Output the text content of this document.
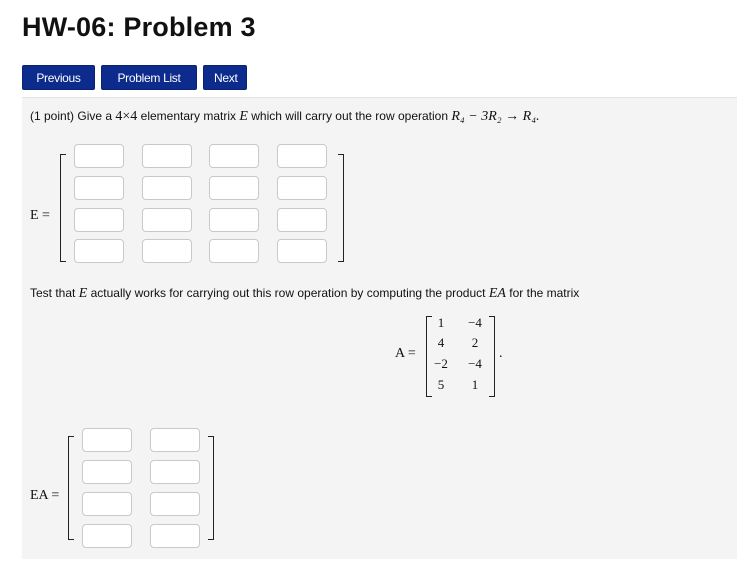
HW-06: Problem 3
Previous	Problem List	Next
(1 point) Give a 4×4 elementary matrix E which will carry out the row operation R₄ − 3R₂ → R₄.
E =
Test that E actually works for carrying out this row operation by computing the product EA for the matrix
A =	.
1	−4
4	2
−2	−4
5	1
EA =
